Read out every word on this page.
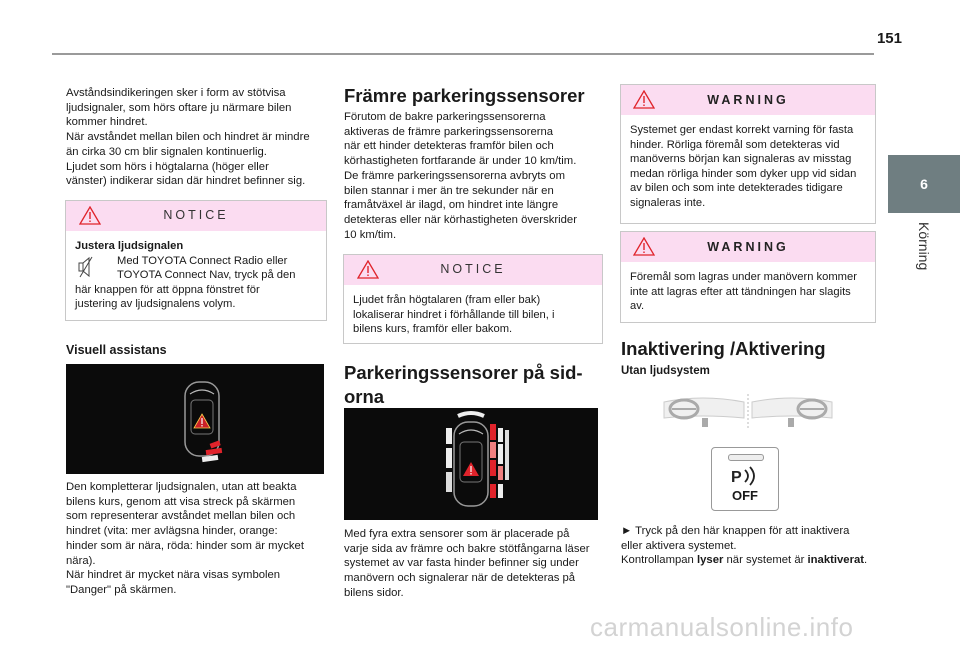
151
6
Körning
Avståndsindikeringen sker i form av stötvisa
ljudsignaler, som hörs oftare ju närmare bilen
kommer hindret.
När avståndet mellan bilen och hindret är mindre
än cirka 30 cm blir signalen kontinuerlig.
Ljudet som hörs i högtalarna (höger eller
vänster) indikerar sidan där hindret befinner sig.
NOTICE
Justera ljudsignalen
Med TOYOTA Connect Radio eller
TOYOTA Connect Nav, tryck på den
här knappen för att öppna fönstret för
justering av ljudsignalens volym.
Visuell assistans
Den kompletterar ljudsignalen, utan att beakta
bilens kurs, genom att visa streck på skärmen
som representerar avståndet mellan bilen och
hindret (vita: mer avlägsna hinder, orange:
hinder som är nära, röda: hinder som är mycket
nära).
När hindret är mycket nära visas symbolen
"Danger" på skärmen.
Främre parkeringssensorer
Förutom de bakre parkeringssensorerna
aktiveras de främre parkeringssensorerna
när ett hinder detekteras framför bilen och
körhastigheten fortfarande är under 10 km/tim.
De främre parkeringssensorerna avbryts om
bilen stannar i mer än tre sekunder när en
framåtväxel är ilagd, om hindret inte längre
detekteras eller när körhastigheten överskrider
10 km/tim.
NOTICE
Ljudet från högtalaren (fram eller bak)
lokaliserar hindret i förhållande till bilen, i
bilens kurs, framför eller bakom.
Parkeringssensorer på sid-
orna
Med fyra extra sensorer som är placerade på
varje sida av främre och bakre stötfångarna läser
systemet av var fasta hinder befinner sig under
manövern och signalerar när de detekteras på
bilens sidor.
WARNING
Systemet ger endast korrekt varning för fasta
hinder. Rörliga föremål som detekteras vid
manöverns början kan signaleras av misstag
medan rörliga hinder som dyker upp vid sidan
av bilen och som inte detekterades tidigare
signaleras inte.
WARNING
Föremål som lagras under manövern kommer
inte att lagras efter att tändningen har slagits
av.
Inaktivering /Aktivering
Utan ljudsystem
P
OFF
► Tryck på den här knappen för att inaktivera
eller aktivera systemet.
Kontrollampan lyser när systemet är inaktiverat.
carmanualsonline.info
